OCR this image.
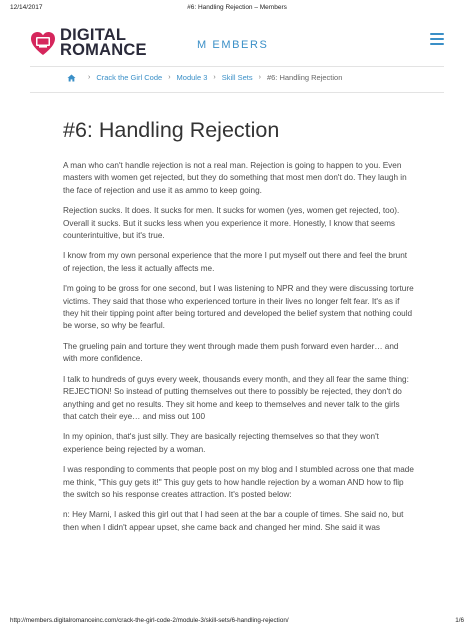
12/14/2017	#6: Handling Rejection – Members
DIGITAL
ROMANCE	M EMBERS
› Crack the Girl Code › Module 3 › Skill Sets › #6: Handling Rejection
#6: Handling Rejection

A man who can't handle rejection is not a real man. Rejection is going to happen to you. Even masters with women get rejected, but they do something that most men don't do. They laugh in the face of rejection and use it as ammo to keep going.

Rejection sucks. It does. It sucks for men. It sucks for women (yes, women get rejected, too). Overall it sucks. But it sucks less when you experience it more. Honestly, I know that seems counterintuitive, but it's true.

I know from my own personal experience that the more I put myself out there and feel the brunt of rejection, the less it actually affects me.

I'm going to be gross for one second, but I was listening to NPR and they were discussing torture victims. They said that those who experienced torture in their lives no longer felt fear. It's as if they hit their tipping point after being tortured and developed the belief system that nothing could be worse, so why be fearful.

The grueling pain and torture they went through made them push forward even harder… and with more confidence.

I talk to hundreds of guys every week, thousands every month, and they all fear the same thing: REJECTION! So instead of putting themselves out there to possibly be rejected, they don't do anything and get no results. They sit home and keep to themselves and never talk to the girls that catch their eye… and miss out 100

In my opinion, that's just silly. They are basically rejecting themselves so that they won't experience being rejected by a woman.

I was responding to comments that people post on my blog and I stumbled across one that made me think, "This guy gets it!" This guy gets to how handle rejection by a woman AND how to flip the switch so his response creates attraction. It's posted below:

n: Hey Marni, I asked this girl out that I had seen at the bar a couple of times. She said no, but then when I didn't appear upset, she came back and changed her mind. She said it was

http://members.digitalromanceinc.com/crack-the-girl-code-2/module-3/skill-sets/6-handling-rejection/	1/6
